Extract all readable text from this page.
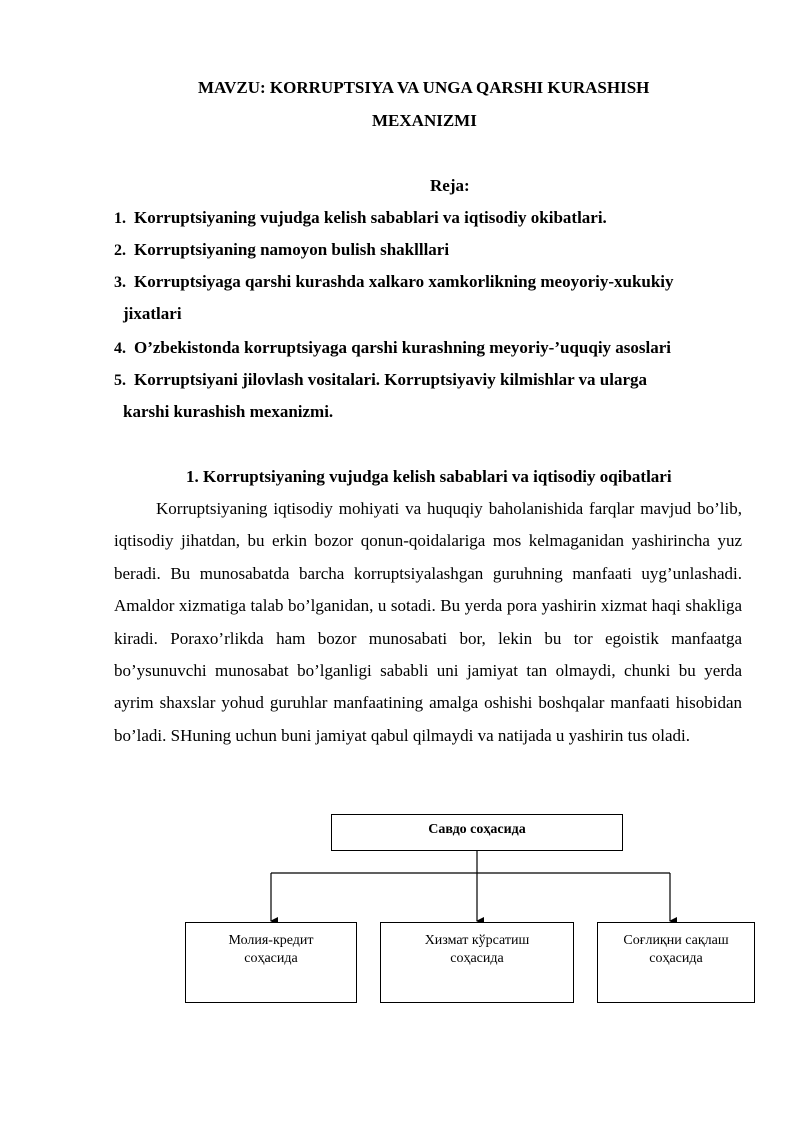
MAVZU: KORRUPTSIYA VA UNGA QARSHI KURASHISH
MEXANIZMI
Reja:
1. Korruptsiyaning vujudga kelish sabablari va iqtisodiy okibatlari.
2. Korruptsiyaning namoyon bulish shaklllari
3. Korruptsiyaga qarshi kurashda xalkaro xamkorlikning meoyoriy-xukukiy
jixatlari
4. O’zbekistonda korruptsiyaga qarshi kurashning meyoriy-’uquqiy asoslari
5. Korruptsiyani jilovlash vositalari. Korruptsiyaviy kilmishlar va ularga
karshi kurashish mexanizmi.
1. Korruptsiyaning vujudga kelish sabablari va iqtisodiy oqibatlari

Korruptsiyaning iqtisodiy mohiyati va huquqiy baholanishida farqlar mavjud bo’lib, iqtisodiy jihatdan, bu erkin bozor qonun-qoidalariga mos kelmaganidan yashirincha yuz beradi. Bu munosabatda barcha korruptsiyalashgan guruhning manfaati uyg’unlashadi. Amaldor xizmatiga talab bo’lganidan, u sotadi. Bu yerda pora yashirin xizmat haqi shakliga kiradi. Poraxo’rlikda ham bozor munosabati bor, lekin bu tor egoistik manfaatga bo’ysunuvchi munosabat bo’lganligi sababli uni jamiyat tan olmaydi, chunki bu yerda ayrim shaxslar yohud guruhlar manfaatining amalga oshishi boshqalar manfaati hisobidan bo’ladi. SHuning uchun buni jamiyat qabul qilmaydi va natijada u yashirin tus oladi.

Савдо соҳасида
Молия-кредит
соҳасида
Хизмат кўрсатиш
соҳасида
Соғлиқни сақлаш
соҳасида
